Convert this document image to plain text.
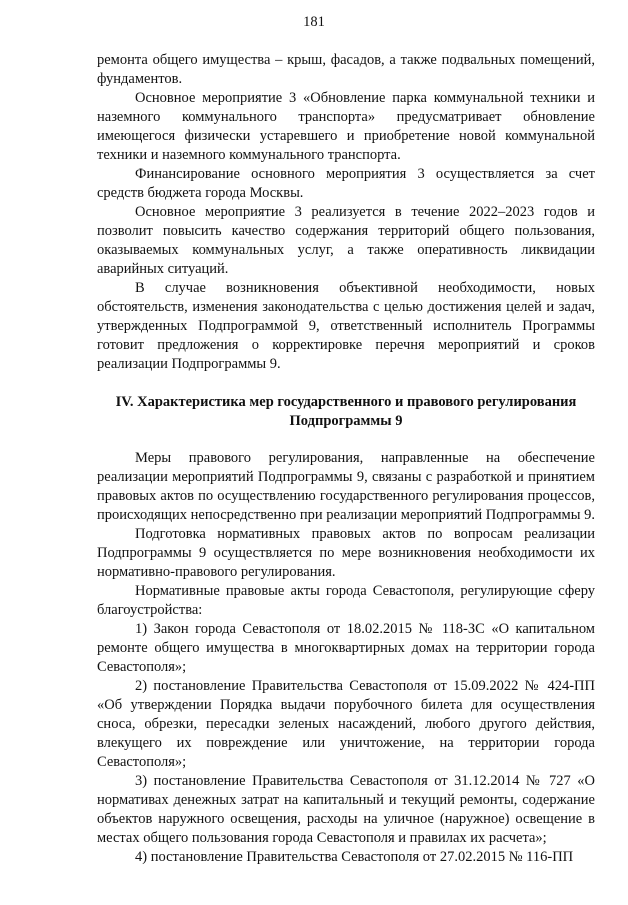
181

ремонта общего имущества – крыш, фасадов, а также подвальных помещений, фундаментов.

Основное мероприятие 3 «Обновление парка коммунальной техники и наземного коммунального транспорта» предусматривает обновление имеющегося физически устаревшего и приобретение новой коммунальной техники и наземного коммунального транспорта.

Финансирование основного мероприятия 3 осуществляется за счет средств бюджета города Москвы.

Основное мероприятие 3 реализуется в течение 2022–2023 годов и позволит повысить качество содержания территорий общего пользования, оказываемых коммунальных услуг, а также оперативность ликвидации аварийных ситуаций.

В случае возникновения объективной необходимости, новых обстоятельств, изменения законодательства с целью достижения целей и задач, утвержденных Подпрограммой 9, ответственный исполнитель Программы готовит предложения о корректировке перечня мероприятий и сроков реализации Подпрограммы 9.

IV. Характеристика мер государственного и правового регулирования Подпрограммы 9

Меры правового регулирования, направленные на обеспечение реализации мероприятий Подпрограммы 9, связаны с разработкой и принятием правовых актов по осуществлению государственного регулирования процессов, происходящих непосредственно при реализации мероприятий Подпрограммы 9.

Подготовка нормативных правовых актов по вопросам реализации Подпрограммы 9 осуществляется по мере возникновения необходимости их нормативно-правового регулирования.

Нормативные правовые акты города Севастополя, регулирующие сферу благоустройства:

1) Закон города Севастополя от 18.02.2015 № 118-ЗС «О капитальном ремонте общего имущества в многоквартирных домах на территории города Севастополя»;

2) постановление Правительства Севастополя от 15.09.2022 № 424-ПП «Об утверждении Порядка выдачи порубочного билета для осуществления сноса, обрезки, пересадки зеленых насаждений, любого другого действия, влекущего их повреждение или уничтожение, на территории города Севастополя»;

3) постановление Правительства Севастополя от 31.12.2014 № 727 «О нормативах денежных затрат на капитальный и текущий ремонты, содержание объектов наружного освещения, расходы на уличное (наружное) освещение в местах общего пользования города Севастополя и правилах их расчета»;

4) постановление Правительства Севастополя от 27.02.2015 № 116-ПП
